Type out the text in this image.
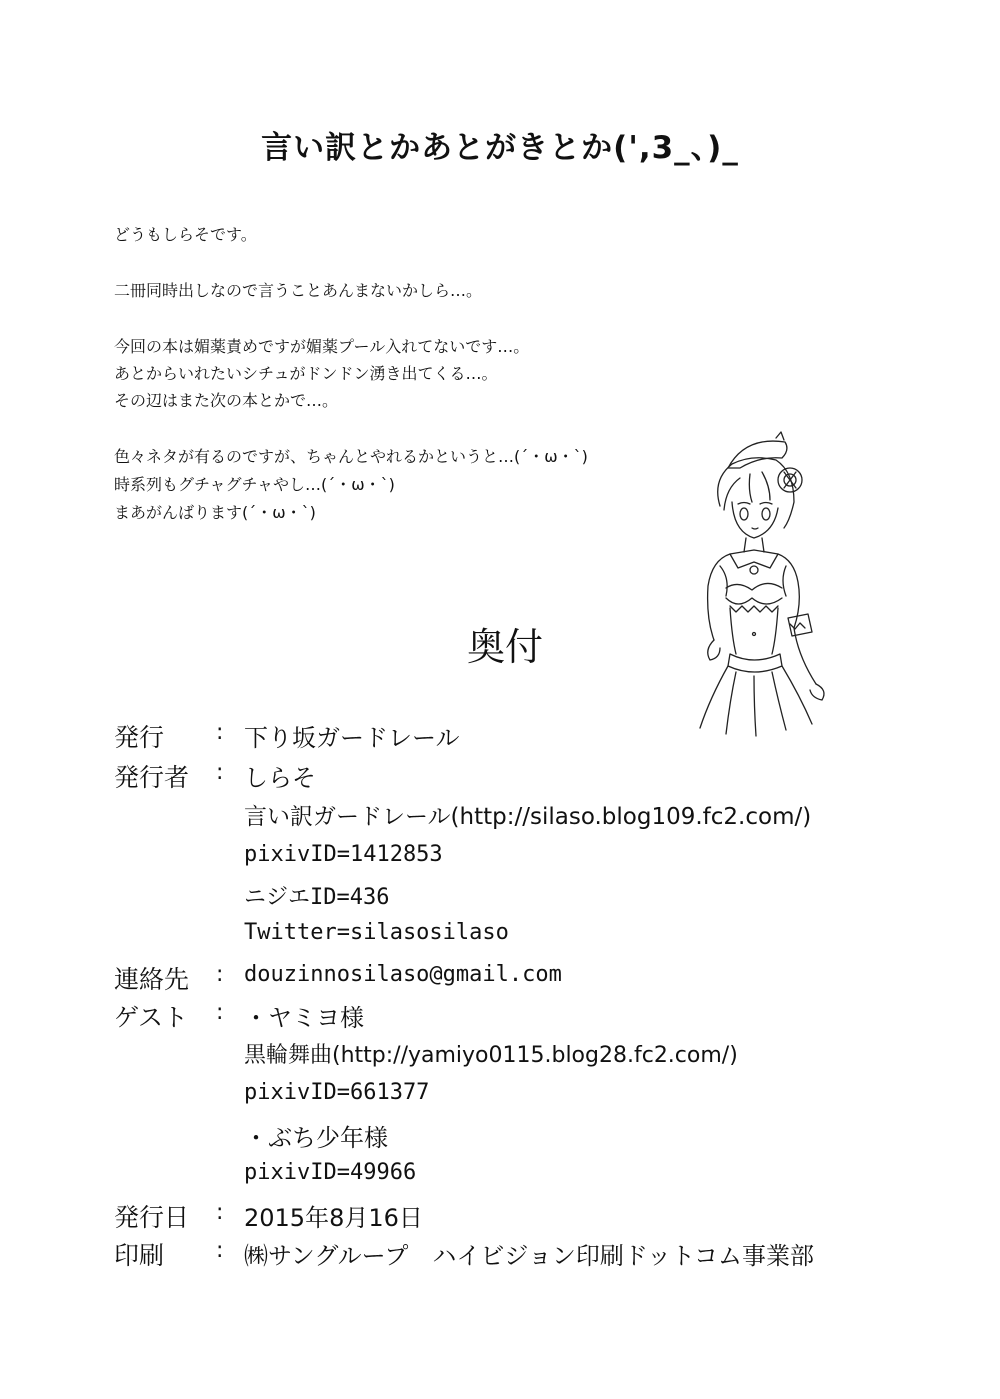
言い訳とかあとがきとか(',3_、)_
どうもしらそです。
二冊同時出しなので言うことあんまないかしら…。
今回の本は媚薬責めですが媚薬プール入れてないです…。
あとからいれたいシチュがドンドン湧き出てくる…。
その辺はまた次の本とかで…。
色々ネタが有るのですが、ちゃんとやれるかというと…(´・ω・`)
時系列もグチャグチャやし…(´・ω・`)
まあがんばります(´・ω・`)
奥付
発行 : 下り坂ガードレール
発行者 : しらそ
言い訳ガードレール(http://silaso.blog109.fc2.com/)
pixivID=1412853
ニジエID=436
Twitter=silasosilaso
連絡先 : douzinnosilaso@gmail.com
ゲスト : ・ヤミヨ様
黒輪舞曲(http://yamiyo0115.blog28.fc2.com/)
pixivID=661377
・ぶち少年様
pixivID=49966
発行日 : 2015年8月16日
印刷 : ㈱サングループ　ハイビジョン印刷ドットコム事業部
